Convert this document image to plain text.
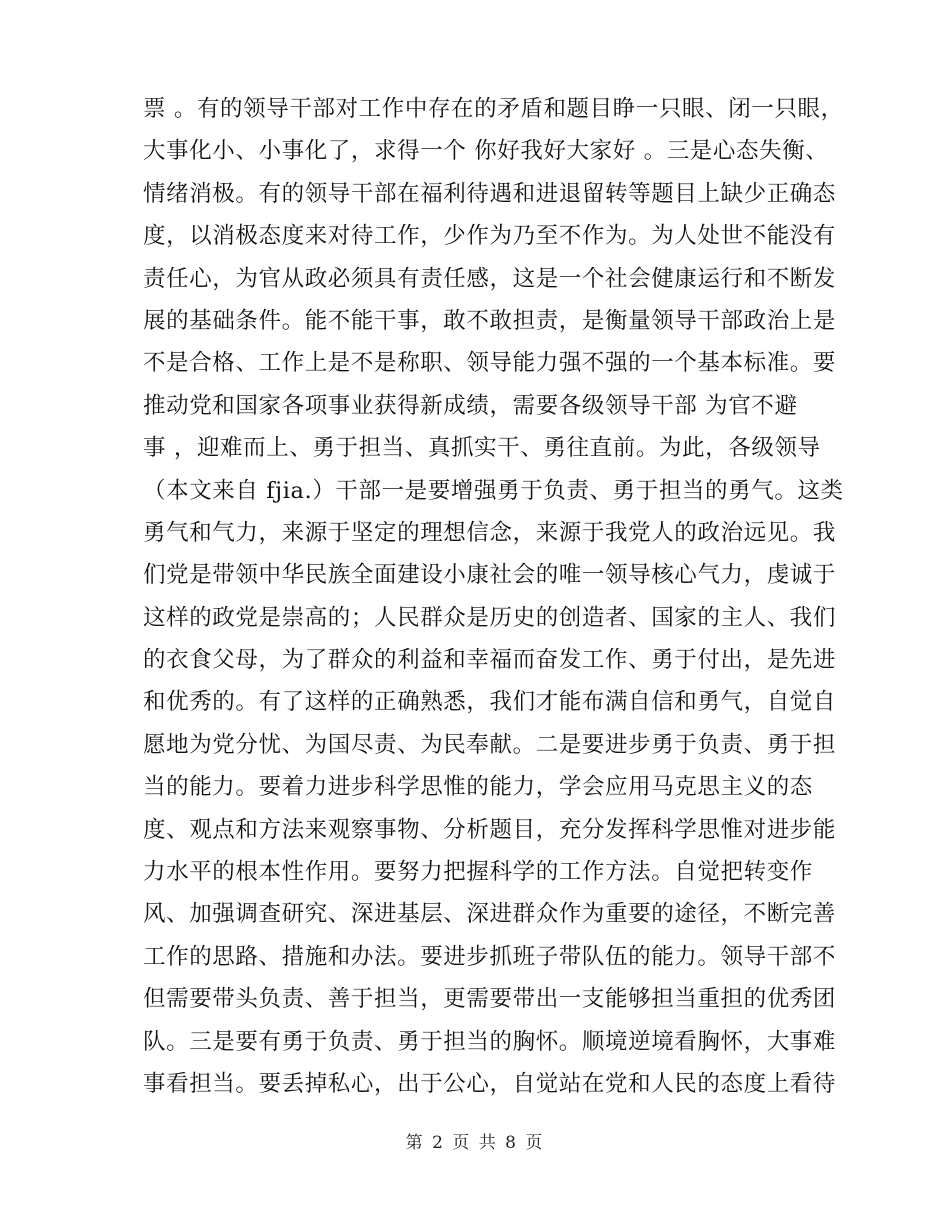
票 。有的领导干部对工作中存在的矛盾和题目睁一只眼、闭一只眼，
大事化小、小事化了，求得一个 你好我好大家好 。三是心态失衡、
情绪消极。有的领导干部在福利待遇和进退留转等题目上缺少正确态
度，以消极态度来对待工作，少作为乃至不作为。为人处世不能没有
责任心，为官从政必须具有责任感，这是一个社会健康运行和不断发
展的基础条件。能不能干事，敢不敢担责，是衡量领导干部政治上是
不是合格、工作上是不是称职、领导能力强不强的一个基本标准。要
推动党和国家各项事业获得新成绩，需要各级领导干部 为官不避
事 ，迎难而上、勇于担当、真抓实干、勇往直前。为此，各级领导
（本文来自 fjia.）干部一是要增强勇于负责、勇于担当的勇气。这类
勇气和气力，来源于坚定的理想信念，来源于我党人的政治远见。我
们党是带领中华民族全面建设小康社会的唯一领导核心气力，虔诚于
这样的政党是崇高的；人民群众是历史的创造者、国家的主人、我们
的衣食父母，为了群众的利益和幸福而奋发工作、勇于付出，是先进
和优秀的。有了这样的正确熟悉，我们才能布满自信和勇气，自觉自
愿地为党分忧、为国尽责、为民奉献。二是要进步勇于负责、勇于担
当的能力。要着力进步科学思惟的能力，学会应用马克思主义的态
度、观点和方法来观察事物、分析题目，充分发挥科学思惟对进步能
力水平的根本性作用。要努力把握科学的工作方法。自觉把转变作
风、加强调查研究、深进基层、深进群众作为重要的途径，不断完善
工作的思路、措施和办法。要进步抓班子带队伍的能力。领导干部不
但需要带头负责、善于担当，更需要带出一支能够担当重担的优秀团
队。三是要有勇于负责、勇于担当的胸怀。顺境逆境看胸怀，大事难
事看担当。要丢掉私心，出于公心，自觉站在党和人民的态度上看待
第 2 页 共 8 页
